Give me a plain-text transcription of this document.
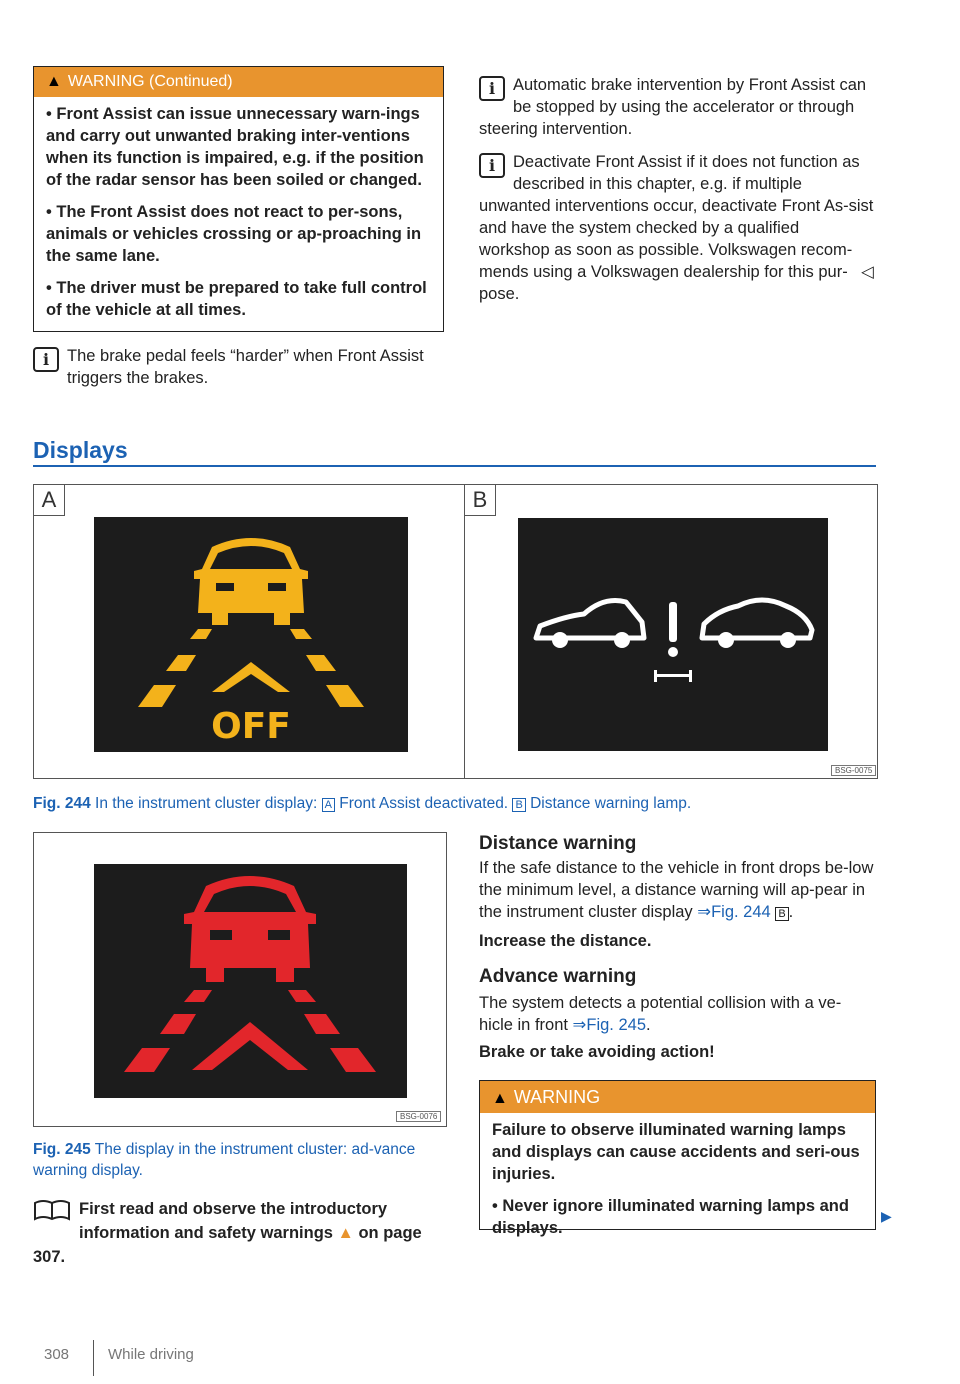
▲ WARNING (Continued)

• Front Assist can issue unnecessary warn-ings and carry out unwanted braking inter-ventions when its function is impaired, e.g. if the position of the radar sensor has been soiled or changed.

• The Front Assist does not react to per-sons, animals or vehicles crossing or ap-proaching in the same lane.

• The driver must be prepared to take full control of the vehicle at all times.

i	The brake pedal feels “harder” when Front Assist triggers the brakes.
i	Automatic brake intervention by Front Assist can be stopped by using the accelerator or through steering intervention.
i	Deactivate Front Assist if it does not function as described in this chapter, e.g. if multiple unwanted interventions occur, deactivate Front As-sist and have the system checked by a qualified workshop as soon as possible. Volkswagen recom-mends using a Volkswagen dealership for this pur-pose.
◁
Displays
A
OFF
B
BSG-0075
Fig. 244 In the instrument cluster display: A Front Assist deactivated. B Distance warning lamp.
BSG-0076
Fig. 245 The display in the instrument cluster: ad-vance warning display.
First read and observe the introductory information and safety warnings ▲ on page 307.
Distance warning
If the safe distance to the vehicle in front drops be-low the minimum level, a distance warning will ap-pear in the instrument cluster display ⇒Fig. 244 B .
Increase the distance.
Advance warning
The system detects a potential collision with a ve-hicle in front ⇒Fig. 245.
Brake or take avoiding action!
▲ WARNING

Failure to observe illuminated warning lamps and displays can cause accidents and seri-ous injuries.

• Never ignore illuminated warning lamps and displays.

▶
308	While driving
